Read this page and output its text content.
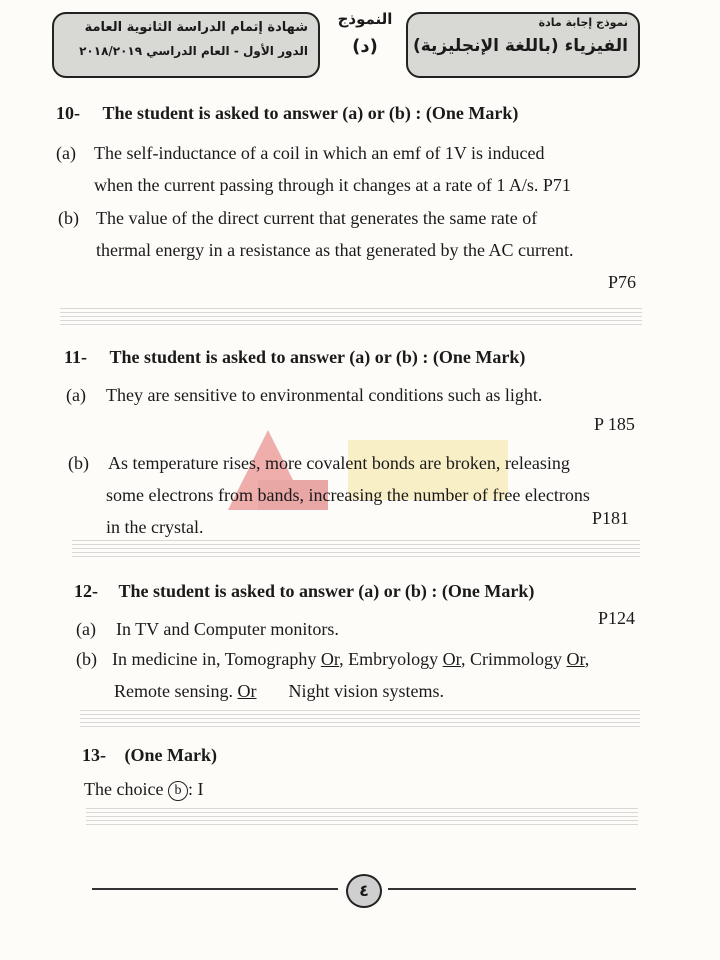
شهادة إتمام الدراسة الثانوية العامة
الدور الأول - العام الدراسي ٢٠١٨/٢٠١٩
النموذج
(د)
نموذج إجابة مادة
الفيزياء (باللغة الإنجليزية)
10- The student is asked to answer (a) or (b) : (One Mark)
(a) The self-inductance of a coil in which an emf of 1V is induced
when the current passing through it changes at a rate of 1 A/s. P71
(b) The value of the direct current that generates the same rate of
thermal energy in a resistance as that generated by the AC current.
P76
11- The student is asked to answer (a) or (b) : (One Mark)
(a) They are sensitive to environmental conditions such as light.
P 185
(b) As temperature rises, more covalent bonds are broken, releasing
some electrons from bands, increasing the number of free electrons
in the crystal.	P181
12- The student is asked to answer (a) or (b) : (One Mark)
(a) In TV and Computer monitors.
P124
(b) In medicine in, Tomography Or, Embryology Or, Crimmology Or,
Remote sensing. Or Night vision systems.
13- (One Mark)
The choice b : I
٤
